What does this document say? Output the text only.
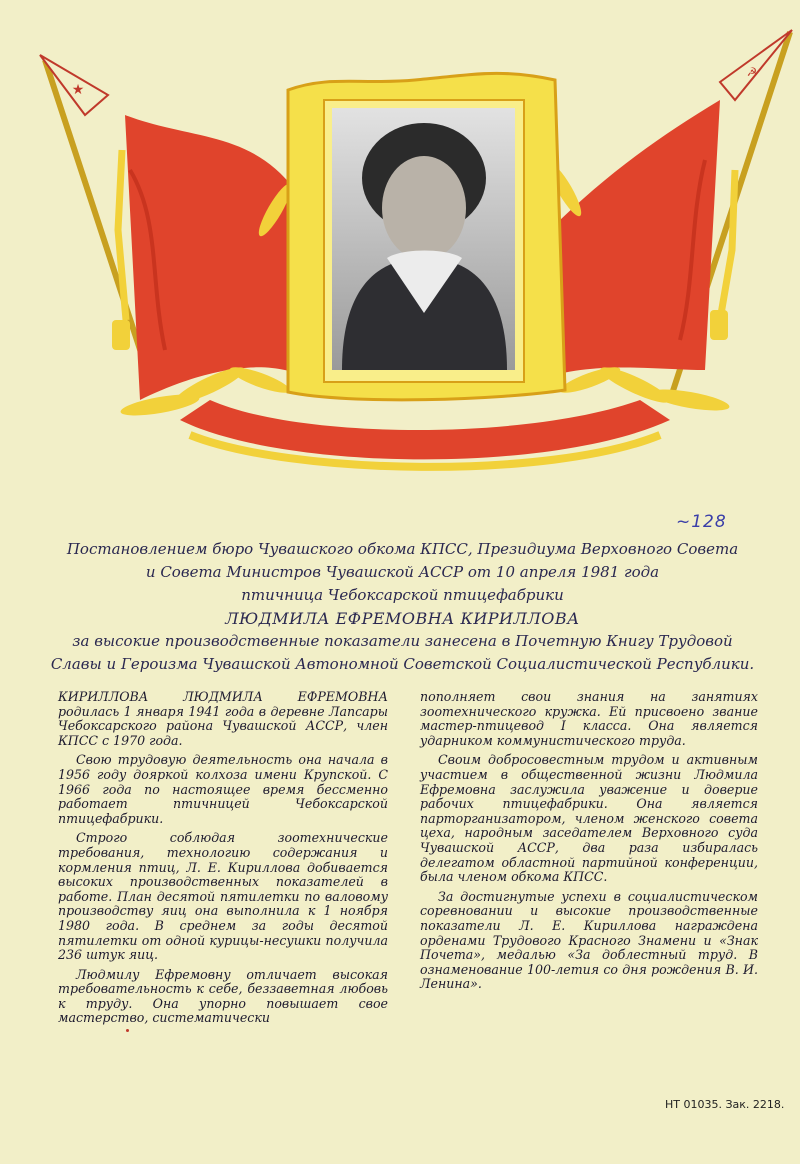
★
☭
~128
Постановлением бюро Чувашского обкома КПСС, Президиума Верховного Совета
и Совета Министров Чувашской АССР от 10 апреля 1981 года
птичница Чебоксарской птицефабрики
ЛЮДМИЛА ЕФРЕМОВНА КИРИЛЛОВА
за высокие производственные показатели занесена в Почетную Книгу Трудовой
Славы и Героизма Чувашской Автономной Советской Социалистической Республики.

КИРИЛЛОВА ЛЮДМИЛА ЕФРЕМОВНА родилась 1 января 1941 года в деревне Лапсары Чебоксарского района Чувашской АССР, член КПСС с 1970 года.

Свою трудовую деятельность она начала в 1956 году дояркой колхоза имени Крупской. С 1966 года по настоящее время бессменно работает птичницей Чебоксарской птицефабрики.

Строго соблюдая зоотехнические требования, технологию содержания и кормления птиц, Л. Е. Кириллова добивается высоких производственных показателей в работе. План десятой пятилетки по валовому производству яиц она выполнила к 1 ноября 1980 года. В среднем за годы десятой пятилетки от одной курицы-несушки получила 236 штук яиц.

Людмилу Ефремовну отличает высокая требовательность к себе, беззаветная любовь к труду. Она упорно повышает свое мастерство, систематически

пополняет свои знания на занятиях зоотехнического кружка. Ей присвоено звание мастер-птицевод I класса. Она является ударником коммунистического труда.

Своим добросовестным трудом и активным участием в общественной жизни Людмила Ефремовна заслужила уважение и доверие рабочих птицефабрики. Она является парторганизатором, членом женского совета цеха, народным заседателем Верховного суда Чувашской АССР, два раза избиралась делегатом областной партийной конференции, была членом обкома КПСС.

За достигнутые успехи в социалистическом соревновании и высокие производственные показатели Л. Е. Кириллова награждена орденами Трудового Красного Знамени и «Знак Почета», медалью «За доблестный труд. В ознаменование 100-летия со дня рождения В. И. Ленина».

НТ 01035. Зак. 2218.
